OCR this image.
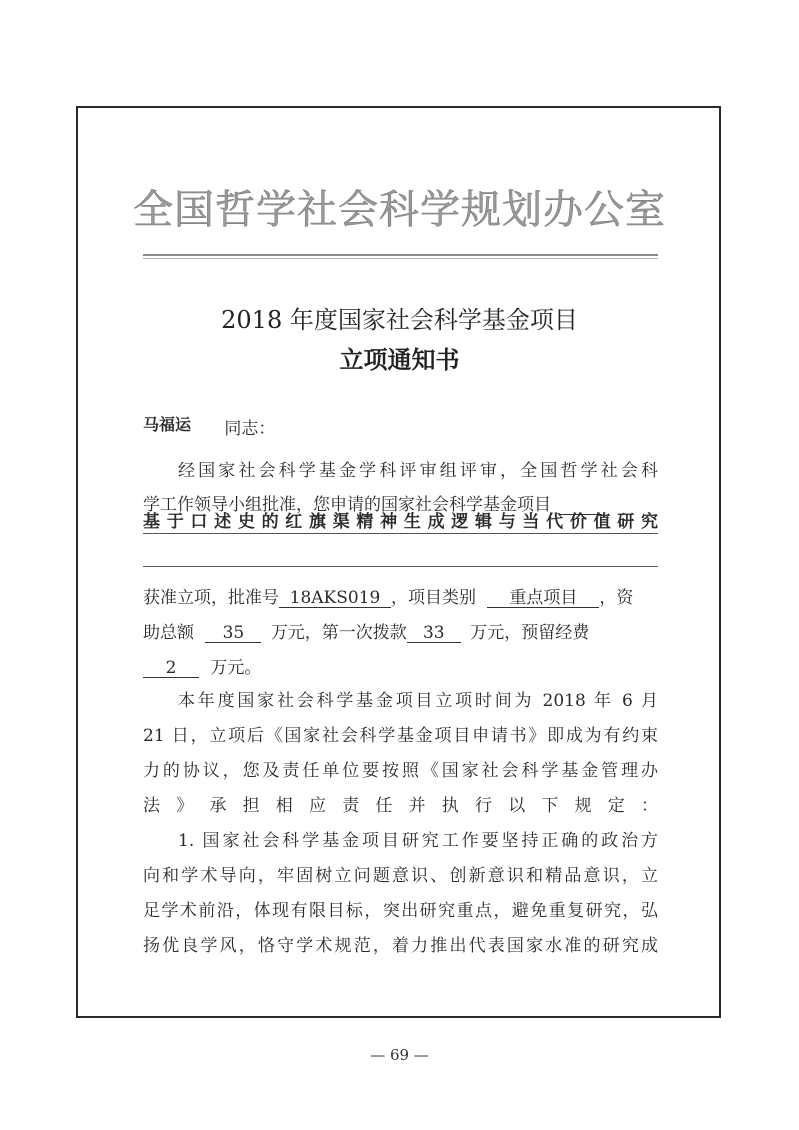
全国哲学社会科学规划办公室
2018 年度国家社会科学基金项目
立项通知书
马福运 同志：
经国家社会科学基金学科评审组评审，全国哲学社会科
学工作领导小组批准，您申请的国家社会科学基金项目
基于口述史的红旗渠精神生成逻辑与当代价值研究
获准立项，批准号 18AKS019 ，项目类别 重点项目 ，资
助总额 35 万元，第一次拨款 33 万元，预留经费
2 万元。
本年度国家社会科学基金项目立项时间为 2018 年 6 月
21 日，立项后《国家社会科学基金项目申请书》即成为有约束
力的协议，您及责任单位要按照《国家社会科学基金管理办
法》承担相应责任并执行以下规定：
1. 国家社会科学基金项目研究工作要坚持正确的政治方
向和学术导向，牢固树立问题意识、创新意识和精品意识，立
足学术前沿，体现有限目标，突出研究重点，避免重复研究，弘
扬优良学风，恪守学术规范，着力推出代表国家水准的研究成
— 69 —
